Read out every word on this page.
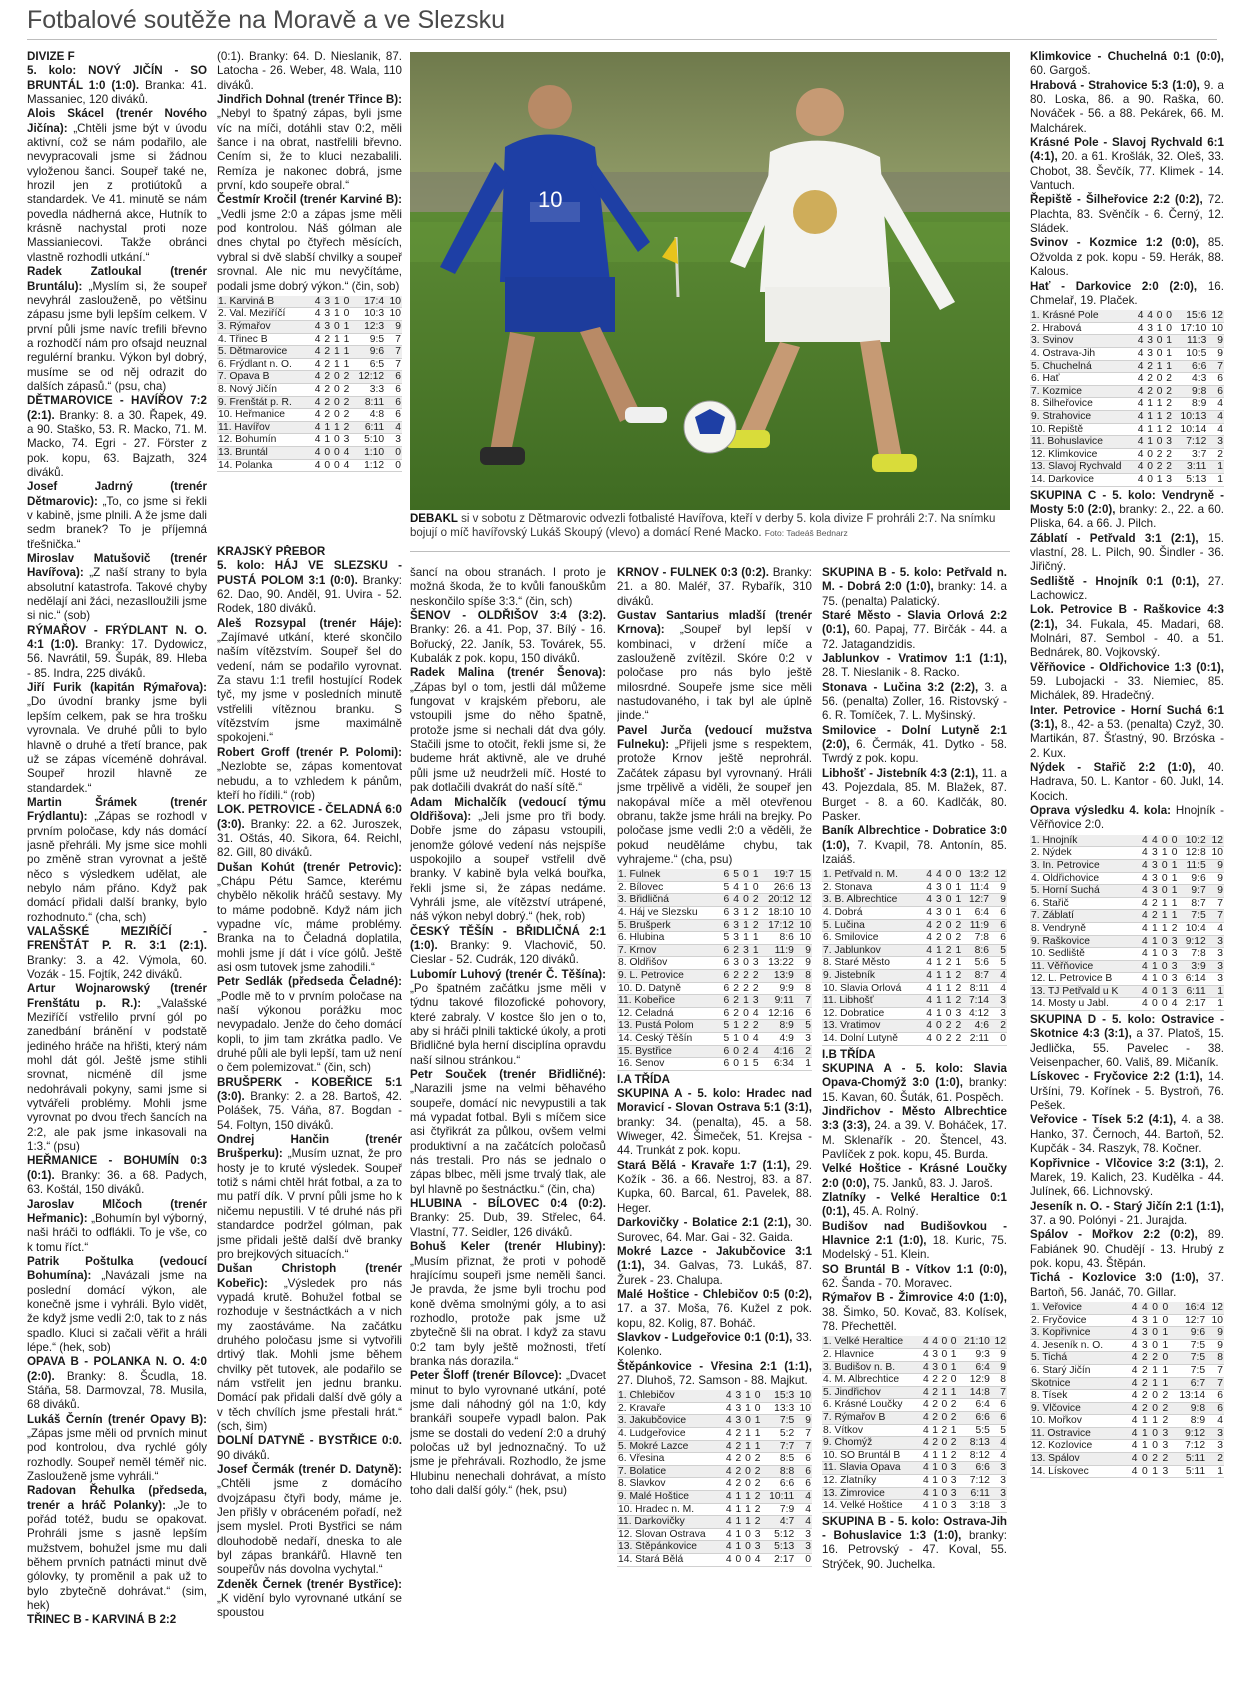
Fotbalové soutěže na Moravě a ve Slezsku

DIVIZE F

5. kolo: NOVÝ JIČÍN - SO BRUNTÁL 1:0 (1:0). Branka: 41. Massaniec, 120 diváků.

Alois Skácel (trenér Nového Jičína): „Chtěli jsme být v úvodu aktivní, což se nám podařilo, ale nevypracovali jsme si žádnou vyloženou šanci. Soupeř také ne, hrozil jen z protiútoků a standardek. Ve 41. minutě se nám povedla nádherná akce, Hutník to krásně nachystal proti noze Massianiecovi. Takže obránci vlastně rozhodli utkání.“

Radek Zatloukal (trenér Bruntálu): „Myslím si, že soupeř nevyhrál zaslouženě, po většinu zápasu jsme byli lepším celkem. V první půli jsme navíc trefili břevno a rozhodčí nám pro ofsajd neuznal regulérní branku. Výkon byl dobrý, musíme se od něj odrazit do dalších zápasů.“ (psu, cha)

DĚTMAROVICE - HAVÍŘOV 7:2 (2:1). Branky: 8. a 30. Řapek, 49. a 90. Staško, 53. R. Macko, 71. M. Macko, 74. Egri - 27. Förster z pok. kopu, 63. Bajzath, 324 diváků.

Josef Jadrný (trenér Dětmarovic): „To, co jsme si řekli v kabině, jsme plnili. A že jsme dali sedm branek? To je příjemná třešnička.“

Miroslav Matušovič (trenér Havířova): „Z naší strany to byla absolutní katastrofa. Takové chyby nedělají ani žáci, nezaslloužili jsme si nic.“ (sob)

RÝMAŘOV - FRÝDLANT N. O. 4:1 (1:0). Branky: 17. Dydowicz, 56. Navrátil, 59. Šupák, 89. Hleba - 85. Indra, 225 diváků.

Jiří Furik (kapitán Rýmařova): „Do úvodní branky jsme byli lepším celkem, pak se hra trošku vyrovnala. Ve druhé půli to bylo hlavně o druhé a třetí brance, pak už se zápas víceméně dohrával. Soupeř hrozil hlavně ze standardek.“

Martin Šrámek (trenér Frýdlantu): „Zápas se rozhodl v prvním poločase, kdy nás domácí jasně přehráli. My jsme sice mohli po změně stran vyrovnat a ještě něco s výsledkem udělat, ale nebylo nám přáno. Když pak domácí přidali další branky, bylo rozhodnuto.“ (cha, sch)

VALAŠSKÉ MEZIŘÍČÍ - FRENŠTÁT P. R. 3:1 (2:1). Branky: 3. a 42. Výmola, 60. Vozák - 15. Fojtík, 242 diváků.

Artur Wojnarowský (trenér Frenštátu p. R.): „Valašské Meziříčí vstřelilo první gól po zanedbání bránění v podstatě jediného hráče na hřišti, který nám mohl dát gól. Ještě jsme stihli srovnat, nicméně díl jsme nedohrávali pokyny, sami jsme si vytvářeli problémy. Mohli jsme vyrovnat po dvou třech šancích na 2:2, ale pak jsme inkasovali na 1:3.“ (psu)

HEŘMANICE - BOHUMÍN 0:3 (0:1). Branky: 36. a 68. Padych, 63. Koštál, 150 diváků.

Jaroslav Mlčoch (trenér Heřmanic): „Bohumín byl výborný, naši hráči to odflákli. To je vše, co k tomu říct.“

Patrik Poštulka (vedoucí Bohumína): „Navázali jsme na poslední domácí výkon, ale konečně jsme i vyhráli. Bylo vidět, že když jsme vedli 2:0, tak to z nás spadlo. Kluci si začali věřit a hráli lépe.“ (hek, sob)

OPAVA B - POLANKA N. O. 4:0 (2:0). Branky: 8. Šcudla, 18. Stáňa, 58. Darmovzal, 78. Musila, 68 diváků.

Lukáš Černín (trenér Opavy B): „Zápas jsme měli od prvních minut pod kontrolou, dva rychlé góly rozhodly. Soupeř neměl téměř nic. Zaslouženě jsme vyhráli.“

Radovan Řehulka (předseda, trenér a hráč Polanky): „Je to pořád totéž, budu se opakovat. Prohráli jsme s jasně lepším mužstvem, bohužel jsme mu dali během prvních patnácti minut dvě gólovky, ty proměnil a pak už to bylo zbytečně dohrávat.“ (sim, hek)

TŘINEC B - KARVINÁ B 2:2

(0:1). Branky: 64. D. Nieslanik, 87. Latocha - 26. Weber, 48. Wala, 110 diváků.

Jindřich Dohnal (trenér Třince B): „Nebyl to špatný zápas, byli jsme víc na míči, dotáhli stav 0:2, měli šance i na obrat, nastřelili břevno. Cením si, že to kluci nezabalili. Remíza je nakonec dobrá, jsme první, kdo soupeře obral.“

Čestmír Kročil (trenér Karviné B): „Vedli jsme 2:0 a zápas jsme měli pod kontrolou. Náš gólman ale dnes chytal po čtyřech měsících, vybral si dvě slabší chvilky a soupeř srovnal. Ale nic mu nevyčítáme, podali jsme dobrý výkon.“ (čin, sob)

1. Karviná B	4	3	1	0	17:4	10
2. Val. Meziříčí	4	3	1	0	10:3	10
3. Rýmařov	4	3	0	1	12:3	9
4. Třinec B	4	2	1	1	9:5	7
5. Dětmarovice	4	2	1	1	9:6	7
6. Frýdlant n. O.	4	2	1	1	6:5	7
7. Opava B	4	2	0	2	12:12	6
8. Nový Jičín	4	2	0	2	3:3	6
9. Frenštát p. R.	4	2	0	2	8:11	6
10. Heřmanice	4	2	0	2	4:8	6
11. Havířov	4	1	1	2	6:11	4
12. Bohumín	4	1	0	3	5:10	3
13. Bruntál	4	0	0	4	1:10	0
14. Polanka	4	0	0	4	1:12	0

KRAJSKÝ PŘEBOR

5. kolo: HÁJ VE SLEZSKU - PUSTÁ POLOM 3:1 (0:0). Branky: 62. Dao, 90. Anděl, 91. Uvira - 52. Rodek, 180 diváků.

Aleš Rozsypal (trenér Háje): „Zajímavé utkání, které skončilo naším vítězstvím. Soupeř šel do vedení, nám se podařilo vyrovnat. Za stavu 1:1 trefil hostující Rodek tyč, my jsme v posledních minutě vstřelili vítěznou branku. S vítězstvím jsme maximálně spokojeni.“

Robert Groff (trenér P. Polomi): „Nezlobte se, zápas komentovat nebudu, a to vzhledem k pánům, kteří ho řídili.“ (rob)

LOK. PETROVICE - ČELADNÁ 6:0 (3:0). Branky: 22. a 62. Juroszek, 31. Oštás, 40. Sikora, 64. Reichl, 82. Gill, 80 diváků.

Dušan Kohút (trenér Petrovic): „Chápu Pétu Samce, kterému chybělo několik hráčů sestavy. My to máme podobně. Když nám jich vypadne víc, máme problémy. Branka na to Čeladná doplatila, mohli jsme jí dát i více gólů. Ještě asi osm tutovek jsme zahodili.“

Petr Sedlák (předseda Čeladné): „Podle mě to v prvním poločase na naší výkonou porážku moc nevypadalo. Jenže do čeho domácí kopli, to jim tam zkrátka padlo. Ve druhé půli ale byli lepší, tam už není o čem polemizovat.“ (čin, sch)

BRUŠPERK - KOBEŘICE 5:1 (3:0). Branky: 2. a 28. Bartoš, 42. Polášek, 75. Váňa, 87. Bogdan - 54. Foltyn, 150 diváků.

Ondrej Hančin (trenér Brušperku): „Musím uznat, že pro hosty je to kruté výsledek. Soupeř totiž s námi chtěl hrát fotbal, a za to mu patří dík. V první půli jsme ho k ničemu nepustili. V té druhé nás při standardce podržel gólman, pak jsme přidali ještě další dvě branky pro brejkových situacích.“

Dušan Christoph (trenér Kobeřic): „Výsledek pro nás vypadá krutě. Bohužel fotbal se rozhoduje v šestnáctkách a v nich my zaostáváme. Na začátku druhého poločasu jsme si vytvořili drtivý tlak. Mohli jsme během chvilky pět tutovek, ale podařilo se nám vstřelit jen jednu branku. Domácí pak přidali další dvě góly a v těch chvílích jsme přestali hrát.“ (sch, šim)

DOLNÍ DATYNĚ - BYSTŘICE 0:0. 90 diváků.

Josef Čermák (trenér D. Datyně): „Chtěli jsme z domácího dvojzápasu čtyři body, máme je. Jen přišly v obráceném pořadí, než jsem myslel. Proti Bystřici se nám dlouhodobě nedaří, dneska to ale byl zápas brankářů. Hlavně ten soupeřův nás dovolna vychytal.“

Zdeněk Černek (trenér Bystřice): „K vidění bylo vyrovnané utkání se spoustou

šancí na obou stranách. I proto je možná škoda, že to kvůli fanouškům neskončilo spíše 3:3.“ (čin, sch)

ŠENOV - OLDŘIŠOV 3:4 (3:2). Branky: 26. a 41. Pop, 37. Bílý - 16. Bořucký, 22. Janík, 53. Továrek, 55. Kubalák z pok. kopu, 150 diváků.

Radek Malina (trenér Šenova): „Zápas byl o tom, jestli dál můžeme fungovat v krajském přeboru, ale vstoupili jsme do něho špatně, protože jsme si nechali dát dva góly. Stačili jsme to otočit, řekli jsme si, že budeme hrát aktivně, ale ve druhé půli jsme už neudrželi míč. Hosté to pak dotlačili dvakrát do naší sítě.“

Adam Michalčík (vedoucí týmu Oldřišova): „Jeli jsme pro tři body. Dobře jsme do zápasu vstoupili, jenomže gólové vedení nás nejspíše uspokojilo a soupeř vstřelil dvě branky. V kabině byla velká bouřka, řekli jsme si, že zápas nedáme. Vyhráli jsme, ale vítězství utrápené, náš výkon nebyl dobrý.“ (hek, rob)

ČESKÝ TĚŠÍN - BŘIDLIČNÁ 2:1 (1:0). Branky: 9. Vlachovič, 50. Cieslar - 52. Cudrák, 120 diváků.

Lubomír Luhový (trenér Č. Těšína): „Po špatném začátku jsme měli v týdnu takové filozofické pohovory, které zabraly. V kostce šlo jen o to, aby si hráči plnili taktické úkoly, a proti Břidličné byla herní disciplína opravdu naší silnou stránkou.“

Petr Souček (trenér Břidličné): „Narazili jsme na velmi běhavého soupeře, domácí nic nevypustili a tak má vypadat fotbal. Byli s míčem sice asi čtyřikrát za půlkou, ovšem velmi produktivní a na začátcích poločasů nás trestali. Pro nás se jednalo o zápas blbec, měli jsme trvalý tlak, ale byl hlavně po šestnáctku.“ (čin, cha)

HLUBINA - BÍLOVEC 0:4 (0:2). Branky: 25. Dub, 39. Střelec, 64. Vlastní, 77. Seidler, 126 diváků.

Bohuš Keler (trenér Hlubiny): „Musím přiznat, že proti v pohodě hrajícímu soupeři jsme neměli šanci. Je pravda, že jsme byli trochu pod koně dvěma smolnými góly, a to asi rozhodlo, protože pak jsme už zbytečně šli na obrat. I když za stavu 0:2 tam byly ještě možnosti, třetí branka nás dorazila.“

Peter Šloff (trenér Bílovce): „Dvacet minut to bylo vyrovnané utkání, poté jsme dali náhodný gól na 1:0, kdy brankáři soupeře vypadl balon. Pak jsme se dostali do vedení 2:0 a druhý poločas už byl jednoznačný. To už jsme je přehrávali. Rozhodlo, že jsme Hlubinu nenechali dohrávat, a místo toho dali další góly.“ (hek, psu)

KRNOV - FULNEK 0:3 (0:2). Branky: 21. a 80. Maléř, 37. Rybařík, 310 diváků.

Gustav Santarius mladší (trenér Krnova): „Soupeř byl lepší v kombinaci, v držení míče a zaslouženě zvítězil. Skóre 0:2 v poločase pro nás bylo ještě milosrdné. Soupeře jsme sice měli nastudovaného, i tak byl ale úplně jinde.“

Pavel Jurča (vedoucí mužstva Fulneku): „Přijeli jsme s respektem, protože Krnov ještě neprohrál. Začátek zápasu byl vyrovnaný. Hráli jsme trpělivě a viděli, že soupeř jen nakopával míče a měl otevřenou obranu, takže jsme hráli na brejky. Po poločase jsme vedli 2:0 a věděli, že pokud neuděláme chybu, tak vyhrajeme.“ (cha, psu)

1. Fulnek	6	5	0	1	19:7	15
2. Bílovec	5	4	1	0	26:6	13
3. Břidličná	6	4	0	2	20:12	12
4. Háj ve Slezsku	6	3	1	2	18:10	10
5. Brušperk	6	3	1	2	17:12	10
6. Hlubina	5	3	1	1	8:6	10
7. Krnov	6	2	3	1	11:9	9
8. Oldřišov	6	3	0	3	13:22	9
9. L. Petrovice	6	2	2	2	13:9	8
10. D. Datyně	6	2	2	2	9:9	8
11. Kobeřice	6	2	1	3	9:11	7
12. Čeladná	6	2	0	4	12:16	6
13. Pustá Polom	5	1	2	2	8:9	5
14. Český Těšín	5	1	0	4	4:9	3
15. Bystřice	6	0	2	4	4:16	2
16. Šenov	6	0	1	5	6:34	1

I.A TŘÍDA

SKUPINA A - 5. kolo: Hradec nad Moravicí - Slovan Ostrava 5:1 (3:1), branky: 34. (penalta), 45. a 58. Wiweger, 42. Šimeček, 51. Krejsa - 44. Trunkát z pok. kopu.

Stará Bělá - Kravaře 1:7 (1:1), 29. Kožík - 36. a 66. Nestroj, 83. a 87. Kupka, 60. Barcal, 61. Pavelek, 88. Heger.

Darkovičky - Bolatice 2:1 (2:1), 30. Surovec, 64. Mar. Gai - 32. Gaida.

Mokré Lazce - Jakubčovice 3:1 (1:1), 34. Galvas, 73. Lukáš, 87. Žurek - 23. Chalupa.

Malé Hoštice - Chlebičov 0:5 (0:2), 17. a 37. Moša, 76. Kužel z pok. kopu, 82. Kolig, 87. Boháč.

Slavkov - Ludgeřovice 0:1 (0:1), 33. Kolenko.

Štěpánkovice - Vřesina 2:1 (1:1), 27. Dluhoš, 72. Samson - 88. Majkut.

1. Chlebičov	4	3	1	0	15:3	10
2. Kravaře	4	3	1	0	13:3	10
3. Jakubčovice	4	3	0	1	7:5	9
4. Ludgeřovice	4	2	1	1	5:2	7
5. Mokré Lazce	4	2	1	1	7:7	7
6. Vřesina	4	2	0	2	8:5	6
7. Bolatice	4	2	0	2	8:8	6
8. Slavkov	4	2	0	2	6:6	6
9. Malé Hoštice	4	1	1	2	10:11	4
10. Hradec n. M.	4	1	1	2	7:9	4
11. Darkovičky	4	1	1	2	4:7	4
12. Slovan Ostrava	4	1	0	3	5:12	3
13. Štěpánkovice	4	1	0	3	5:13	3
14. Stará Bělá	4	0	0	4	2:17	0

SKUPINA B - 5. kolo: Petřvald n. M. - Dobrá 2:0 (1:0), branky: 14. a 75. (penalta) Palatický.

Staré Město - Slavia Orlová 2:2 (0:1), 60. Papaj, 77. Birčák - 44. a 72. Jatagandzidis.

Jablunkov - Vratimov 1:1 (1:1), 28. T. Nieslanik - 8. Racko.

Stonava - Lučina 3:2 (2:2), 3. a 56. (penalta) Zoller, 16. Ristovský - 6. R. Tomíček, 7. L. Myšinský.

Smilovice - Dolní Lutyně 2:1 (2:0), 6. Čermák, 41. Dytko - 58. Twrdý z pok. kopu.

Libhošť - Jistebník 4:3 (2:1), 11. a 43. Pojezdala, 85. M. Blažek, 87. Burget - 8. a 60. Kadlčák, 80. Pasker.

Baník Albrechtice - Dobratice 3:0 (1:0), 7. Kvapil, 78. Antonín, 85. Izaiáš.

1. Petřvald n. M.	4	4	0	0	13:2	12
2. Stonava	4	3	0	1	11:4	9
3. B. Albrechtice	4	3	0	1	12:7	9
4. Dobrá	4	3	0	1	6:4	6
5. Lučina	4	2	0	2	11:9	6
6. Smilovice	4	2	0	2	7:8	6
7. Jablunkov	4	1	2	1	8:6	5
8. Staré Město	4	1	2	1	5:6	5
9. Jistebník	4	1	1	2	8:7	4
10. Slavia Orlová	4	1	1	2	8:11	4
11. Libhošť	4	1	1	2	7:14	3
12. Dobratice	4	1	0	3	4:12	3
13. Vratimov	4	0	2	2	4:6	2
14. Dolní Lutyně	4	0	2	2	2:11	0

I.B TŘÍDA

SKUPINA A - 5. kolo: Slavia Opava-Chomýž 3:0 (1:0), branky: 15. Kavan, 60. Šuták, 61. Pospěch.

Jindřichov - Město Albrechtice 3:3 (3:3), 24. a 39. V. Boháček, 17. M. Sklenařík - 20. Štencel, 43. Pavlíček z pok. kopu, 45. Burda.

Velké Hoštice - Krásné Loučky 2:0 (0:0), 75. Janků, 83. J. Jaroš.

Zlatníky - Velké Heraltice 0:1 (0:1), 45. A. Rolný.

Budišov nad Budišovkou - Hlavnice 2:1 (1:0), 18. Kuric, 75. Modelský - 51. Klein.

SO Bruntál B - Vítkov 1:1 (0:0), 62. Šanda - 70. Moravec.

Rýmařov B - Žimrovice 4:0 (1:0), 38. Šimko, 50. Kovač, 83. Kolísek, 78. Přechettěl.

1. Velké Heraltice	4	4	0	0	21:10	12
2. Hlavnice	4	3	0	1	9:3	9
3. Budišov n. B.	4	3	0	1	6:4	9
4. M. Albrechtice	4	2	2	0	12:9	8
5. Jindřichov	4	2	1	1	14:8	7
6. Krásné Loučky	4	2	0	2	6:4	6
7. Rýmařov B	4	2	0	2	6:6	6
8. Vítkov	4	1	2	1	5:5	5
9. Chomýž	4	2	0	2	8:13	4
10. SO Bruntál B	4	1	1	2	8:12	4
11. Slavia Opava	4	1	0	3	6:6	3
12. Zlatníky	4	1	0	3	7:12	3
13. Žimrovice	4	1	0	3	6:11	3
14. Velké Hoštice	4	1	0	3	3:18	3

SKUPINA B - 5. kolo: Ostrava-Jih - Bohuslavice 1:3 (1:0), branky: 16. Petrovský - 47. Koval, 55. Strýček, 90. Juchelka.

Klimkovice - Chuchelná 0:1 (0:0), 60. Gargoš.

Hrabová - Strahovice 5:3 (1:0), 9. a 80. Loska, 86. a 90. Raška, 60. Nováček - 56. a 88. Pekárek, 66. M. Malchárek.

Krásné Pole - Slavoj Rychvald 6:1 (4:1), 20. a 61. Krošlák, 32. Oleš, 33. Chobot, 38. Ševčík, 77. Klimek - 14. Vantuch.

Řepiště - Šilheřovice 2:2 (0:2), 72. Plachta, 83. Svěnčík - 6. Černý, 12. Sládek.

Svinov - Kozmice 1:2 (0:0), 85. Ožvolda z pok. kopu - 59. Herák, 88. Kalous.

Hať - Darkovice 2:0 (2:0), 16. Chmelař, 19. Plaček.

1. Krásné Pole	4	4	0	0	15:6	12
2. Hrabová	4	3	1	0	17:10	10
3. Svinov	4	3	0	1	11:3	9
4. Ostrava-Jih	4	3	0	1	10:5	9
5. Chuchelná	4	2	1	1	6:6	7
6. Hať	4	2	0	2	4:3	6
7. Kozmice	4	2	0	2	9:8	6
8. Šilheřovice	4	1	1	2	8:9	4
9. Strahovice	4	1	1	2	10:13	4
10. Řepiště	4	1	1	2	10:14	4
11. Bohuslavice	4	1	0	3	7:12	3
12. Klimkovice	4	0	2	2	3:7	2
13. Slavoj Rychvald	4	0	2	2	3:11	1
14. Darkovice	4	0	1	3	5:13	1

SKUPINA C - 5. kolo: Vendryně - Mosty 5:0 (2:0), branky: 2., 22. a 60. Pliska, 64. a 66. J. Pilch.

Záblatí - Petřvald 3:1 (2:1), 15. vlastní, 28. L. Pilch, 90. Šindler - 36. Jiřičný.

Sedliště - Hnojník 0:1 (0:1), 27. Lachowicz.

Lok. Petrovice B - Raškovice 4:3 (2:1), 34. Fukala, 45. Madari, 68. Molnári, 87. Sembol - 40. a 51. Bednárek, 80. Vojkovský.

Věřňovice - Oldřichovice 1:3 (0:1), 59. Lubojacki - 33. Niemiec, 85. Michálek, 89. Hradečný.

Inter. Petrovice - Horní Suchá 6:1 (3:1), 8., 42- a 53. (penalta) Czyž, 30. Martikán, 87. Šťastný, 90. Brzóska - 2. Kux.

Nýdek - Stařič 2:2 (1:0), 40. Hadrava, 50. L. Kantor - 60. Jukl, 14. Kocich.

Oprava výsledku 4. kola: Hnojník - Věřňovice 2:0.

1. Hnojník	4	4	0	0	10:2	12
2. Nýdek	4	3	1	0	12:8	10
3. In. Petrovice	4	3	0	1	11:5	9
4. Oldřichovice	4	3	0	1	9:6	9
5. Horní Suchá	4	3	0	1	9:7	9
6. Stařič	4	2	1	1	8:7	7
7. Záblatí	4	2	1	1	7:5	7
8. Vendryně	4	1	1	2	10:4	4
9. Raškovice	4	1	0	3	9:12	3
10. Sedliště	4	1	0	3	7:8	3
11. Věřňovice	4	1	0	3	3:9	3
12. L. Petrovice B	4	1	0	3	6:14	3
13. TJ Petřvald u K	4	0	1	3	6:11	1
14. Mosty u Jabl.	4	0	0	4	2:17	1

SKUPINA D - 5. kolo: Ostravice - Skotnice 4:3 (3:1), a 37. Platoš, 15. Jedlička, 55. Pavelec - 38. Veisenpacher, 60. Vališ, 89. Mičaník.

Lískovec - Fryčovice 2:2 (1:1), 14. Uršíni, 79. Kořínek - 5. Bystroň, 76. Pešek.

Veřovice - Tísek 5:2 (4:1), 4. a 38. Hanko, 37. Černoch, 44. Bartoň, 52. Kupčák - 34. Raszyk, 78. Kočner.

Kopřivnice - Vlčovice 3:2 (3:1), 2. Marek, 19. Kalich, 23. Kudělka - 44. Julínek, 66. Lichnovský.

Jeseník n. O. - Starý Jičín 2:1 (1:1), 37. a 90. Polónyi - 21. Jurajda.

Spálov - Mořkov 2:2 (0:2), 89. Fabiánek 90. Chudějí - 13. Hrubý z pok. kopu, 43. Štěpán.

Tichá - Kozlovice 3:0 (1:0), 37. Bartoň, 56. Janáč, 70. Gillar.

1. Veřovice	4	4	0	0	16:4	12
2. Fryčovice	4	3	1	0	12:7	10
3. Kopřivnice	4	3	0	1	9:6	9
4. Jeseník n. O.	4	3	0	1	7:5	9
5. Tichá	4	2	2	0	7:5	8
6. Starý Jičín	4	2	1	1	7:5	7
Skotnice	4	2	1	1	6:7	7
8. Tísek	4	2	0	2	13:14	6
9. Vlčovice	4	2	0	2	9:8	6
10. Mořkov	4	1	1	2	8:9	4
11. Ostravice	4	1	0	3	9:12	3
12. Kozlovice	4	1	0	3	7:12	3
13. Spálov	4	0	2	2	5:11	2
14. Lískovec	4	0	1	3	5:11	1
10
DEBAKL si v sobotu z Dětmarovic odvezli fotbalisté Havířova, kteří v derby 5. kola divize F prohráli 2:7. Na snímku bojují o míč havířovský Lukáš Skoupý (vlevo) a domácí René Macko. Foto: Tadeáš Bednarz
